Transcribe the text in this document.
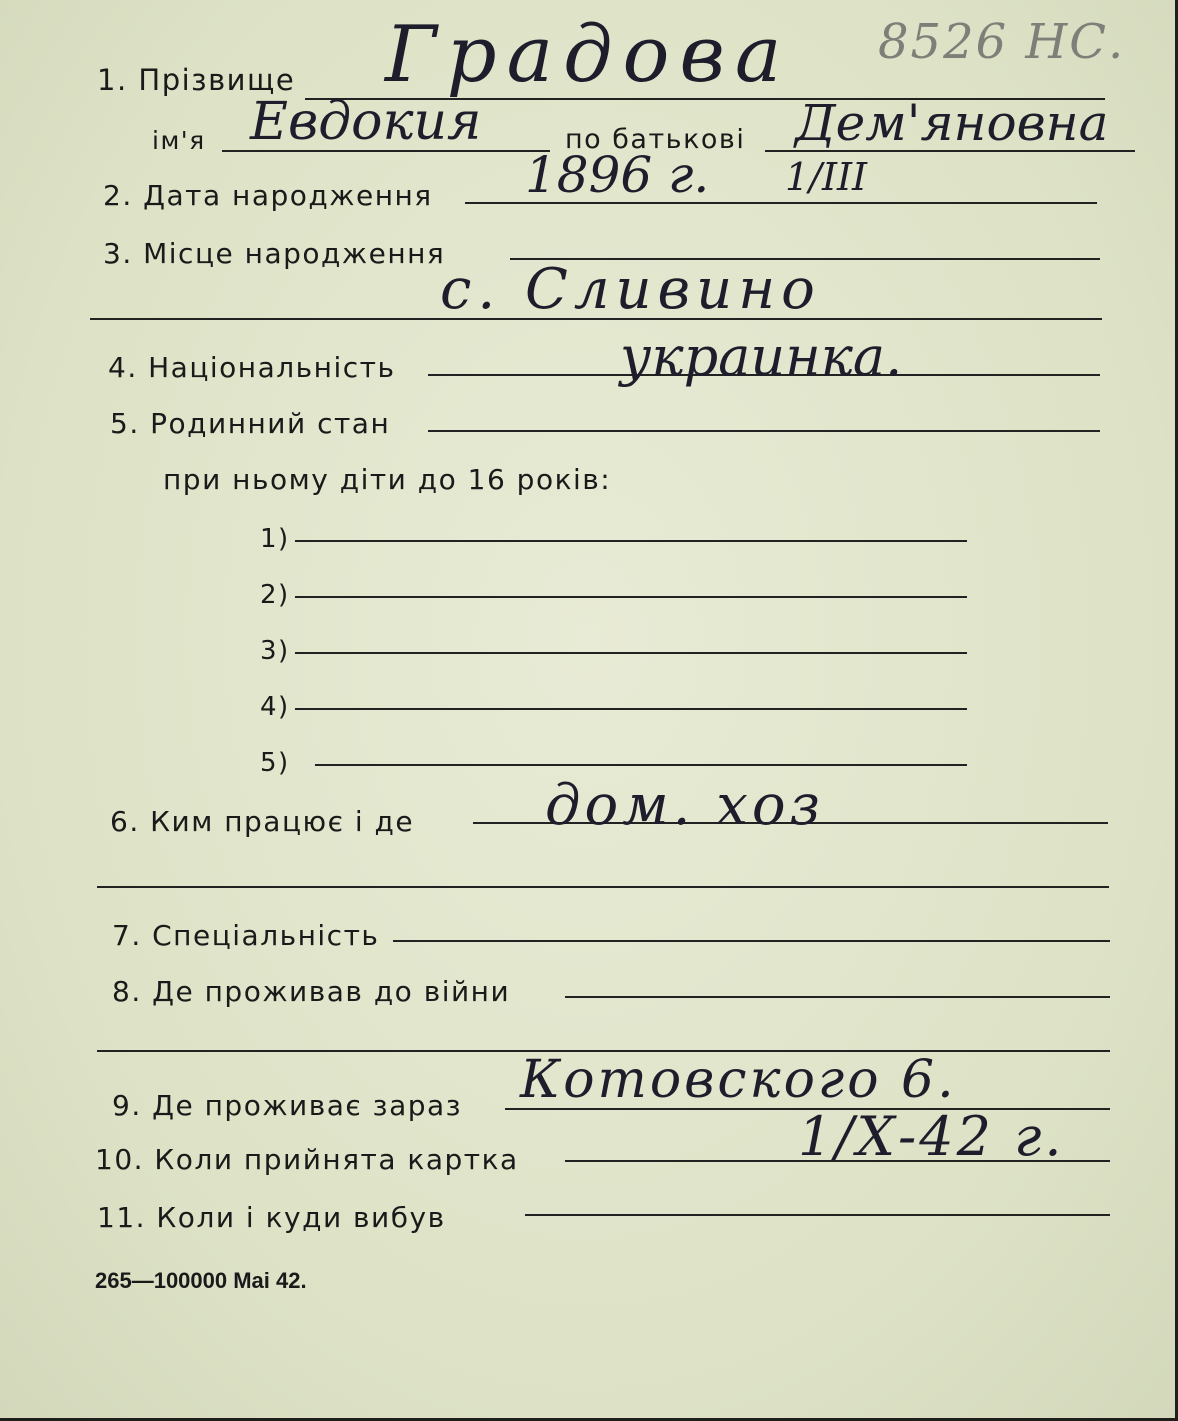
8526 НС.
1. Прізвище Градова
ім'я Евдокия	по батькові Дем'яновна
2. Дата народження 1896 г. 1/III
3. Місце народження
с. Сливино
4. Національність	украинка.
5. Родинний стан
при ньому діти до 16 років:
1)
2)
3)
4)
5)
6. Ким працює і де дом. хоз
7. Спеціальність
8. Де проживав до війни
9. Де проживає зараз Котовского 6.
10. Коли прийнята картка	1/Х-42 г.
11. Коли і куди вибув
265—100000 Mai 42.
